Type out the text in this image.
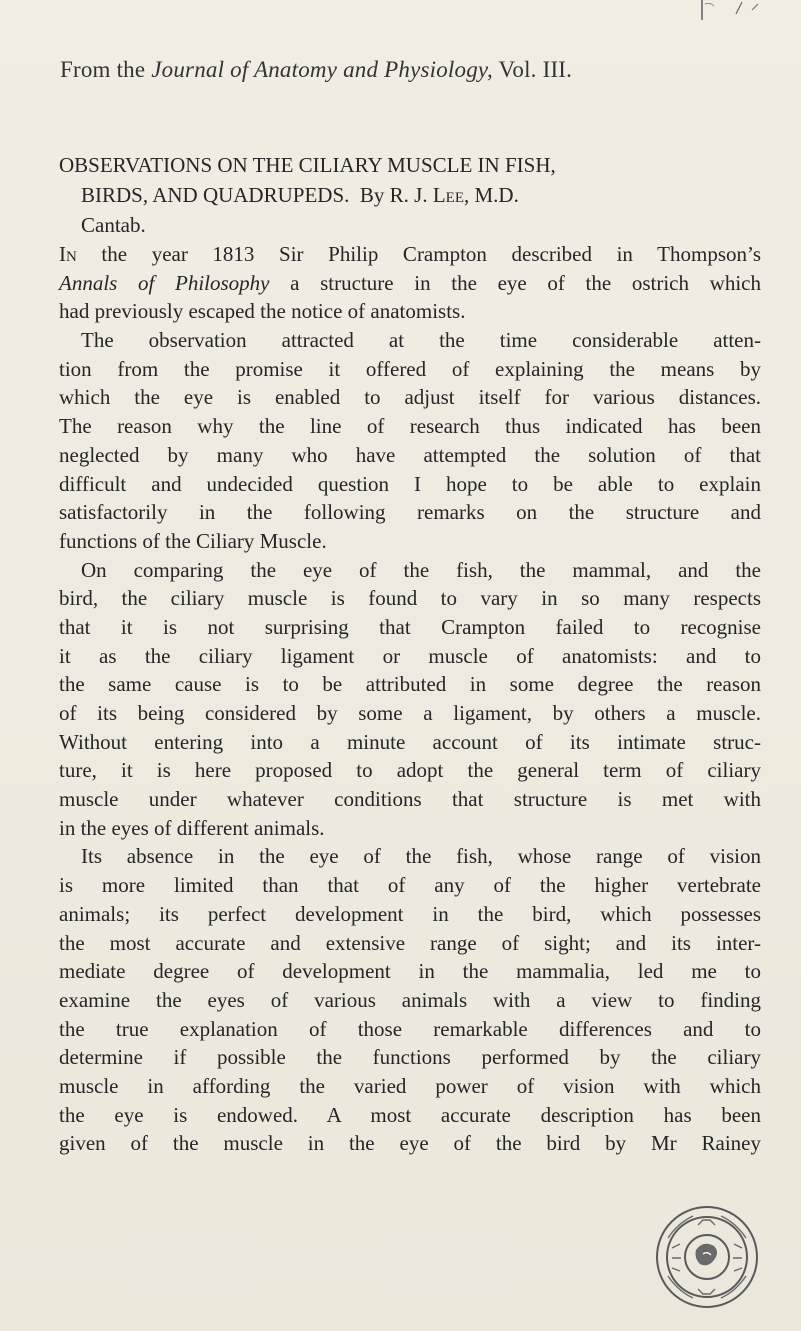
From the Journal of Anatomy and Physiology, Vol. III.
OBSERVATIONS ON THE CILIARY MUSCLE IN FISH,
BIRDS, AND QUADRUPEDS. By R. J. Lee, M.D.
Cantab.
In the year 1813 Sir Philip Crampton described in Thompson’s
Annals of Philosophy a structure in the eye of the ostrich which
had previously escaped the notice of anatomists.
The observation attracted at the time considerable atten-
tion from the promise it offered of explaining the means by
which the eye is enabled to adjust itself for various distances.
The reason why the line of research thus indicated has been
neglected by many who have attempted the solution of that
difficult and undecided question I hope to be able to explain
satisfactorily in the following remarks on the structure and
functions of the Ciliary Muscle.
On comparing the eye of the fish, the mammal, and the
bird, the ciliary muscle is found to vary in so many respects
that it is not surprising that Crampton failed to recognise
it as the ciliary ligament or muscle of anatomists: and to
the same cause is to be attributed in some degree the reason
of its being considered by some a ligament, by others a muscle.
Without entering into a minute account of its intimate struc-
ture, it is here proposed to adopt the general term of ciliary
muscle under whatever conditions that structure is met with
in the eyes of different animals.
Its absence in the eye of the fish, whose range of vision
is more limited than that of any of the higher vertebrate
animals; its perfect development in the bird, which possesses
the most accurate and extensive range of sight; and its inter-
mediate degree of development in the mammalia, led me to
examine the eyes of various animals with a view to finding
the true explanation of those remarkable differences and to
determine if possible the functions performed by the ciliary
muscle in affording the varied power of vision with which
the eye is endowed. A most accurate description has been
given of the muscle in the eye of the bird by Mr Rainey
